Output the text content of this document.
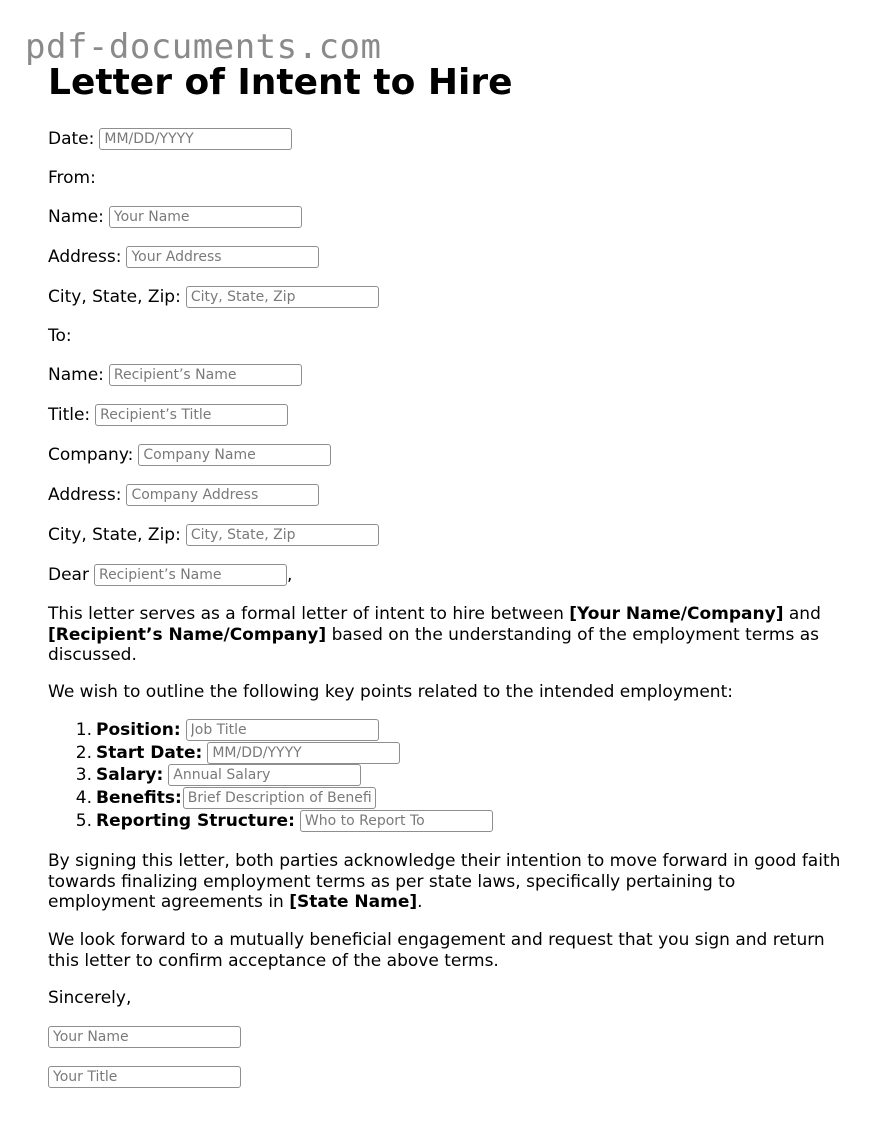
pdf-documents.com
Letter of Intent to Hire
Date:
MM/DD/YYYY
From:
Name:
Your Name
Address:
Your Address
City, State, Zip:
City, State, Zip
To:
Name:
Recipient’s Name
Title:
Recipient’s Title
Company:
Company Name
Address:
Company Address
City, State, Zip:
City, State, Zip
Dear
Recipient’s Name	,

This letter serves as a formal letter of intent to hire between [Your Name/Company] and [Recipient’s Name/Company] based on the understanding of the employment terms as discussed.

We wish to outline the following key points related to the intended employment:

1. Position:
Job Title
2. Start Date:
MM/DD/YYYY
3. Salary:
Annual Salary
4. Benefits:
Brief Description of Benefi
5. Reporting Structure:
Who to Report To

By signing this letter, both parties acknowledge their intention to move forward in good faith towards finalizing employment terms as per state laws, specifically pertaining to employment agreements in [State Name].

We look forward to a mutually beneficial engagement and request that you sign and return this letter to confirm acceptance of the above terms.

Sincerely,

Your Name
Your Title
